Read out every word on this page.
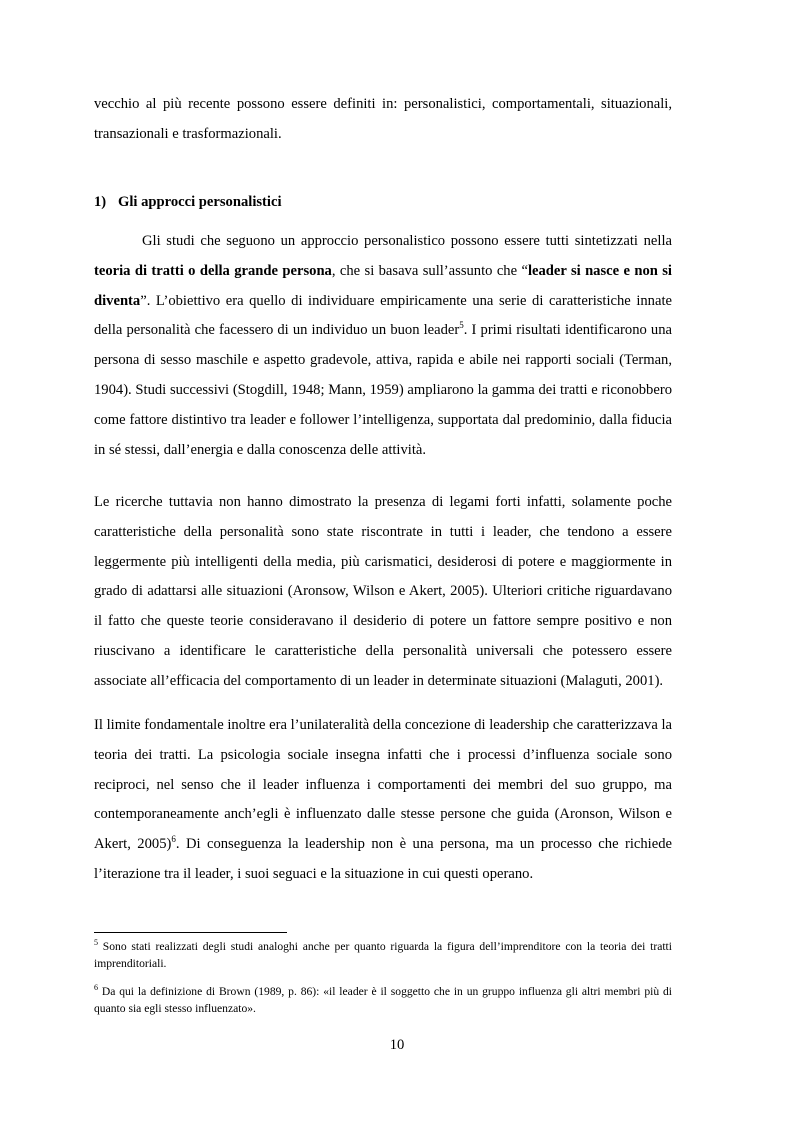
vecchio al più recente possono essere definiti in: personalistici, comportamentali, situazionali, transazionali e trasformazionali.
1) Gli approcci personalistici
Gli studi che seguono un approccio personalistico possono essere tutti sintetizzati nella teoria di tratti o della grande persona, che si basava sull’assunto che “leader si nasce e non si diventa”. L’obiettivo era quello di individuare empiricamente una serie di caratteristiche innate della personalità che facessero di un individuo un buon leader$^5$. I primi risultati identificarono una persona di sesso maschile e aspetto gradevole, attiva, rapida e abile nei rapporti sociali (Terman, 1904). Studi successivi (Stogdill, 1948; Mann, 1959) ampliarono la gamma dei tratti e riconobbero come fattore distintivo tra leader e follower l’intelligenza, supportata dal predominio, dalla fiducia in sé stessi, dall’energia e dalla conoscenza delle attività.
Le ricerche tuttavia non hanno dimostrato la presenza di legami forti infatti, solamente poche caratteristiche della personalità sono state riscontrate in tutti i leader, che tendono a essere leggermente più intelligenti della media, più carismatici, desiderosi di potere e maggiormente in grado di adattarsi alle situazioni (Aronsow, Wilson e Akert, 2005). Ulteriori critiche riguardavano il fatto che queste teorie consideravano il desiderio di potere un fattore sempre positivo e non riuscivano a identificare le caratteristiche della personalità universali che potessero essere associate all’efficacia del comportamento di un leader in determinate situazioni (Malaguti, 2001).
Il limite fondamentale inoltre era l’unilateralità della concezione di leadership che caratterizzava la teoria dei tratti. La psicologia sociale insegna infatti che i processi d’influenza sociale sono reciproci, nel senso che il leader influenza i comportamenti dei membri del suo gruppo, ma contemporaneamente anch’egli è influenzato dalle stesse persone che guida (Aronson, Wilson e Akert, 2005)$^6$. Di conseguenza la leadership non è una persona, ma un processo che richiede l’iterazione tra il leader, i suoi seguaci e la situazione in cui questi operano.
$^5$ Sono stati realizzati degli studi analoghi anche per quanto riguarda la figura dell’imprenditore con la teoria dei tratti imprenditoriali.
$^6$ Da qui la definizione di Brown (1989, p. 86): «il leader è il soggetto che in un gruppo influenza gli altri membri più di quanto sia egli stesso influenzato».
10
